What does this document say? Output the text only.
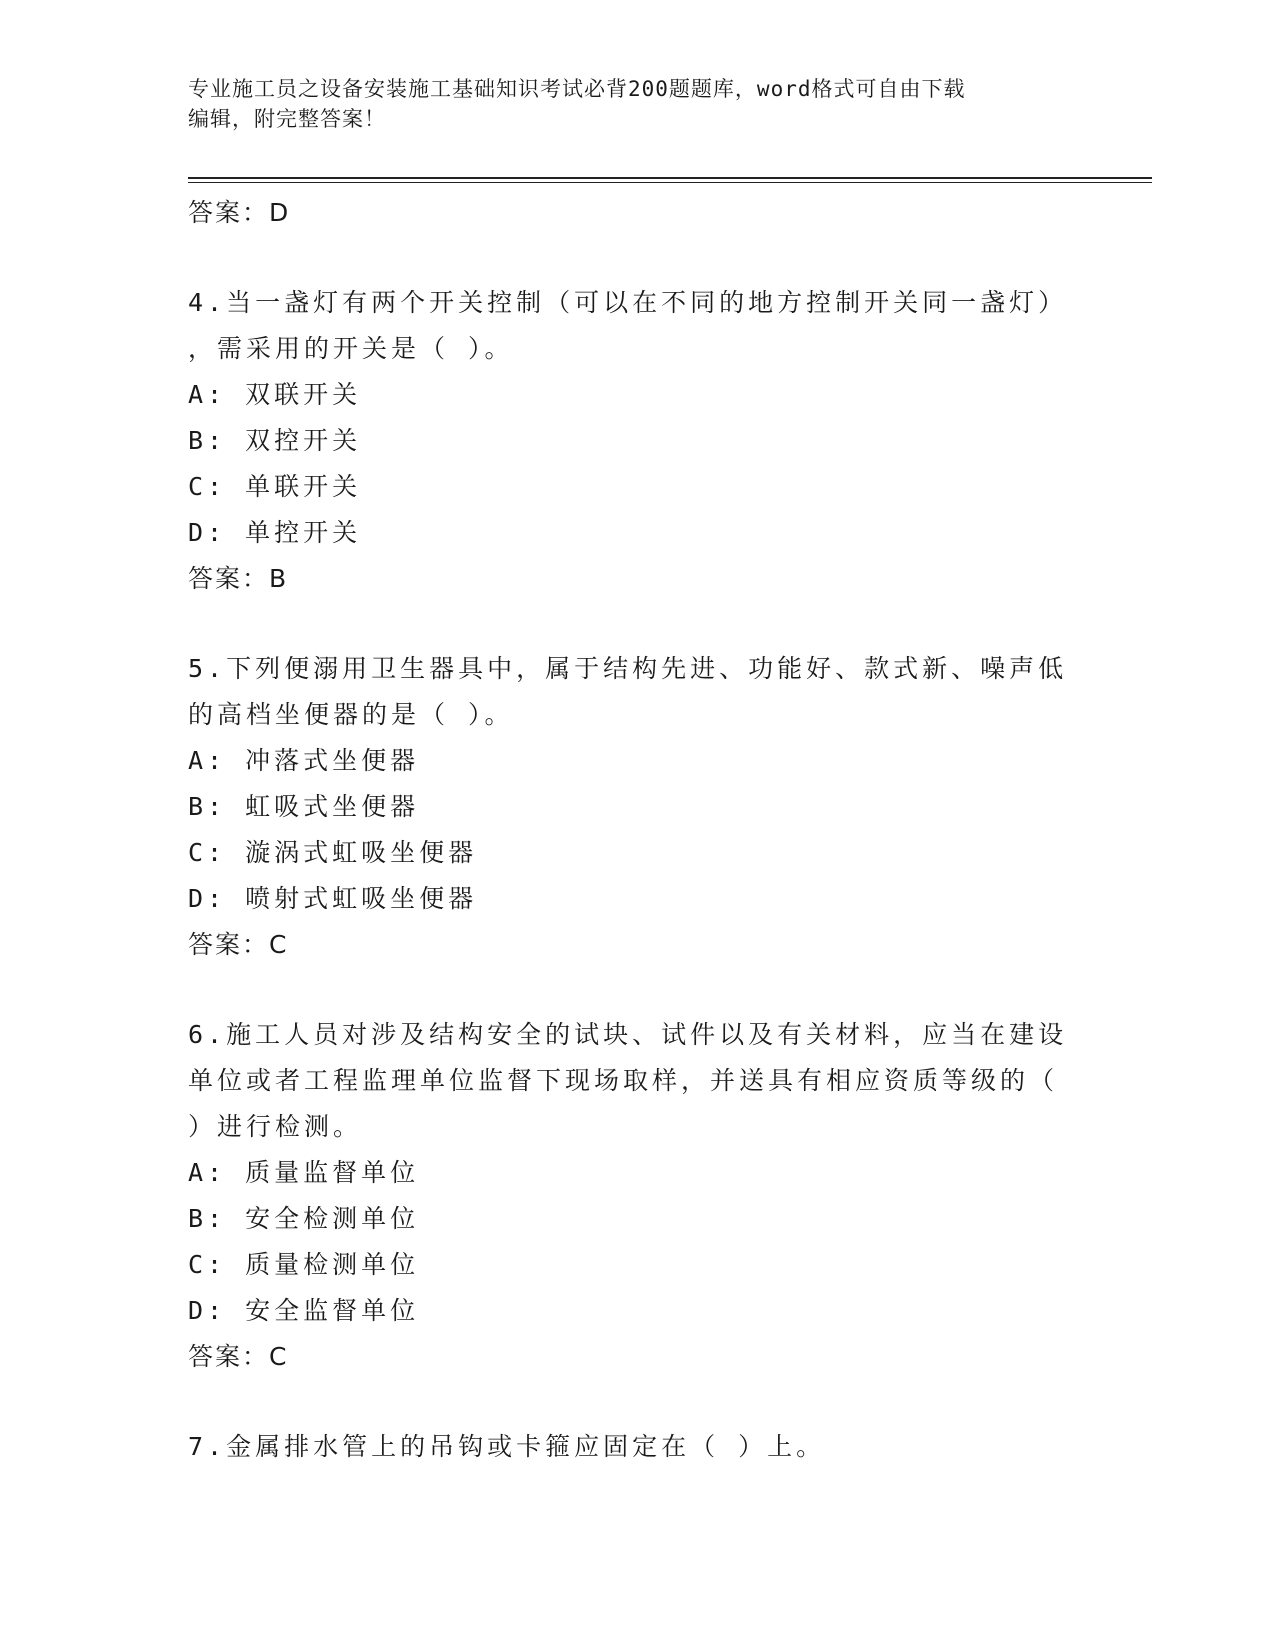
专业施工员之设备安装施工基础知识考试必背200题题库，word格式可自由下载
编辑，附完整答案！
答案：D
4.当一盏灯有两个开关控制（可以在不同的地方控制开关同一盏灯）
，需采用的开关是（ ）。
A: 双联开关
B: 双控开关
C: 单联开关
D: 单控开关
答案：B
5.下列便溺用卫生器具中，属于结构先进、功能好、款式新、噪声低
的高档坐便器的是（ ）。
A: 冲落式坐便器
B: 虹吸式坐便器
C: 漩涡式虹吸坐便器
D: 喷射式虹吸坐便器
答案：C
6.施工人员对涉及结构安全的试块、试件以及有关材料，应当在建设
单位或者工程监理单位监督下现场取样，并送具有相应资质等级的（
）进行检测。
A: 质量监督单位
B: 安全检测单位
C: 质量检测单位
D: 安全监督单位
答案：C
7.金属排水管上的吊钩或卡箍应固定在（ ）上。
